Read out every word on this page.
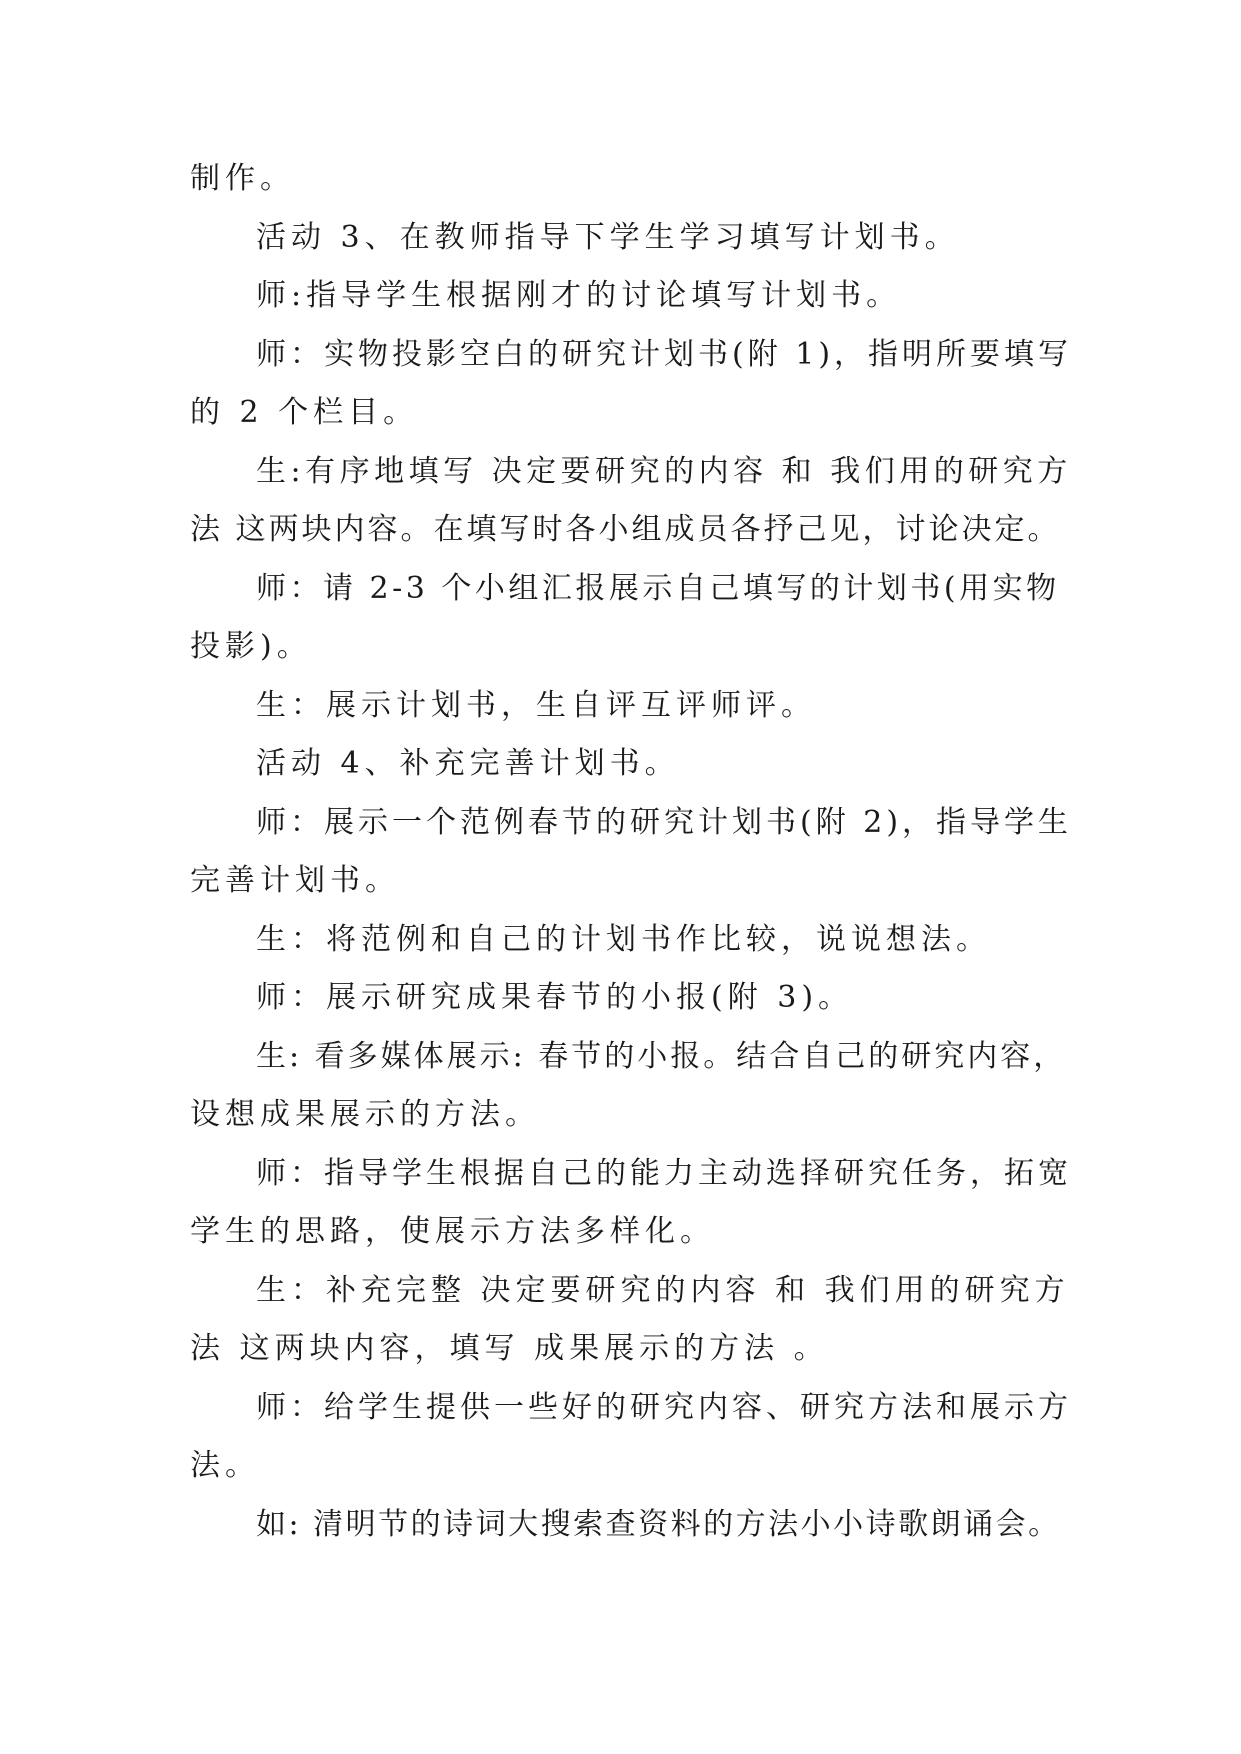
制作。
活动 3、在教师指导下学生学习填写计划书。
师:指导学生根据刚才的讨论填写计划书。
师：实物投影空白的研究计划书(附 1)，指明所要填写
的 2 个栏目。
生:有序地填写 决定要研究的内容 和 我们用的研究方
法 这两块内容。在填写时各小组成员各抒己见，讨论决定。
师：请 2-3 个小组汇报展示自己填写的计划书(用实物
投影)。
生：展示计划书，生自评互评师评。
活动 4、补充完善计划书。
师：展示一个范例春节的研究计划书(附 2)，指导学生
完善计划书。
生：将范例和自己的计划书作比较，说说想法。
师：展示研究成果春节的小报(附 3)。
生: 看多媒体展示: 春节的小报。结合自己的研究内容，
设想成果展示的方法。
师：指导学生根据自己的能力主动选择研究任务，拓宽
学生的思路，使展示方法多样化。
生：补充完整 决定要研究的内容 和 我们用的研究方
法 这两块内容，填写 成果展示的方法 。
师：给学生提供一些好的研究内容、研究方法和展示方
法。
如: 清明节的诗词大搜索查资料的方法小小诗歌朗诵会。
